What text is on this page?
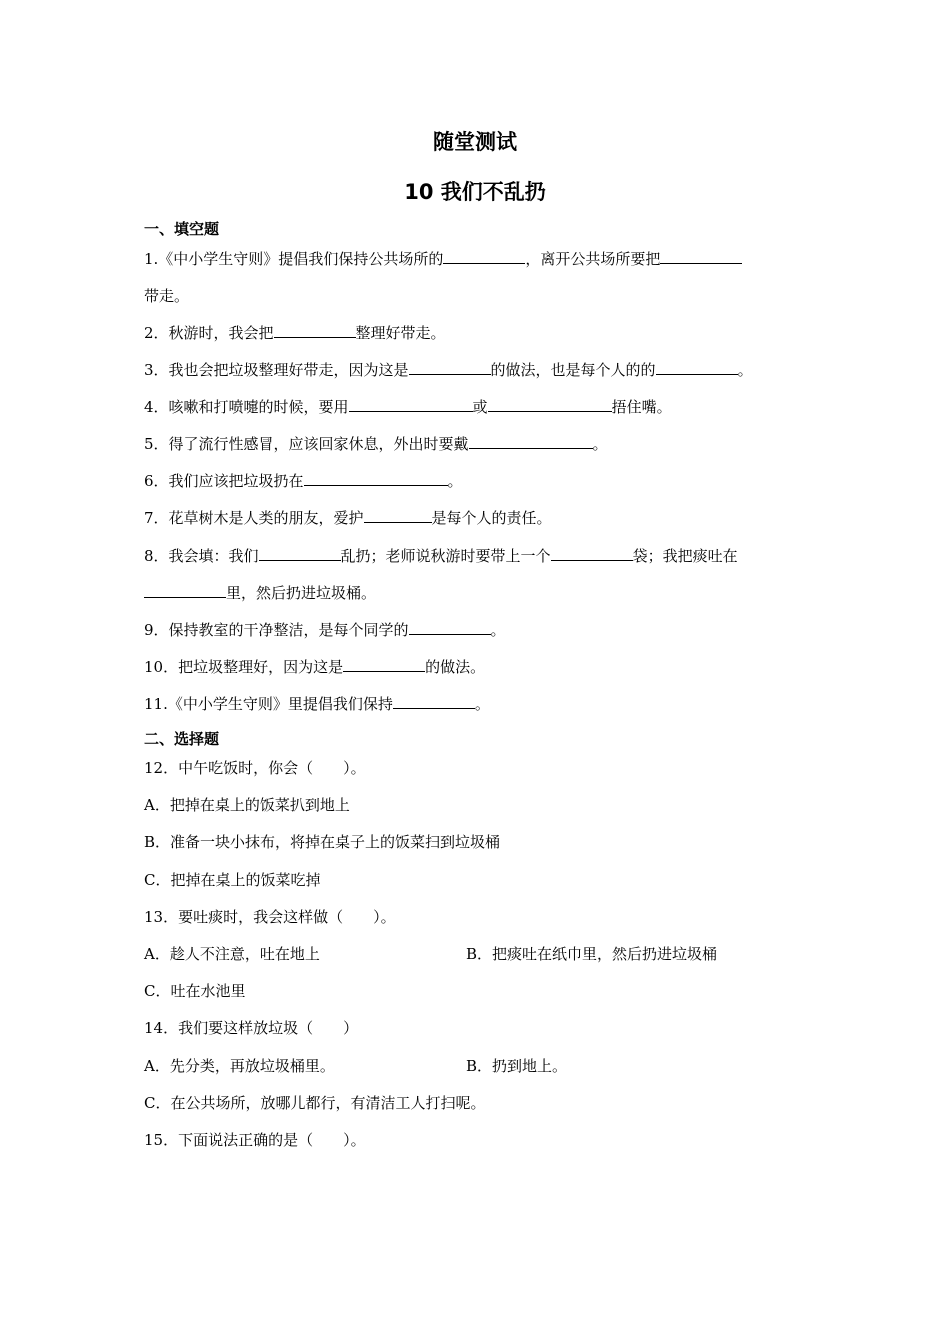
随堂测试
10 我们不乱扔
一、填空题
1.《中小学生守则》提倡我们保持公共场所的	，离开公共场所要把
带走。
2．秋游时，我会把	整理好带走。
3．我也会把垃圾整理好带走，因为这是	的做法，也是每个人的的	。
4．咳嗽和打喷嚏的时候，要用	或	捂住嘴。
5．得了流行性感冒，应该回家休息，外出时要戴	。
6．我们应该把垃圾扔在	。
7．花草树木是人类的朋友，爱护	是每个人的责任。
8．我会填：我们	乱扔；老师说秋游时要带上一个	袋；我把痰吐在
里，然后扔进垃圾桶。
9．保持教室的干净整洁，是每个同学的	。
10．把垃圾整理好，因为这是	的做法。
11.《中小学生守则》里提倡我们保持	。
二、选择题
12．中午吃饭时，你会（　　）。
A．把掉在桌上的饭菜扒到地上
B．准备一块小抹布，将掉在桌子上的饭菜扫到垃圾桶
C．把掉在桌上的饭菜吃掉
13．要吐痰时，我会这样做（　　）。
A．趁人不注意，吐在地上	B．把痰吐在纸巾里，然后扔进垃圾桶
C．吐在水池里
14．我们要这样放垃圾（　　）
A．先分类，再放垃圾桶里。	B．扔到地上。
C．在公共场所，放哪儿都行，有清洁工人打扫呢。
15．下面说法正确的是（　　）。
